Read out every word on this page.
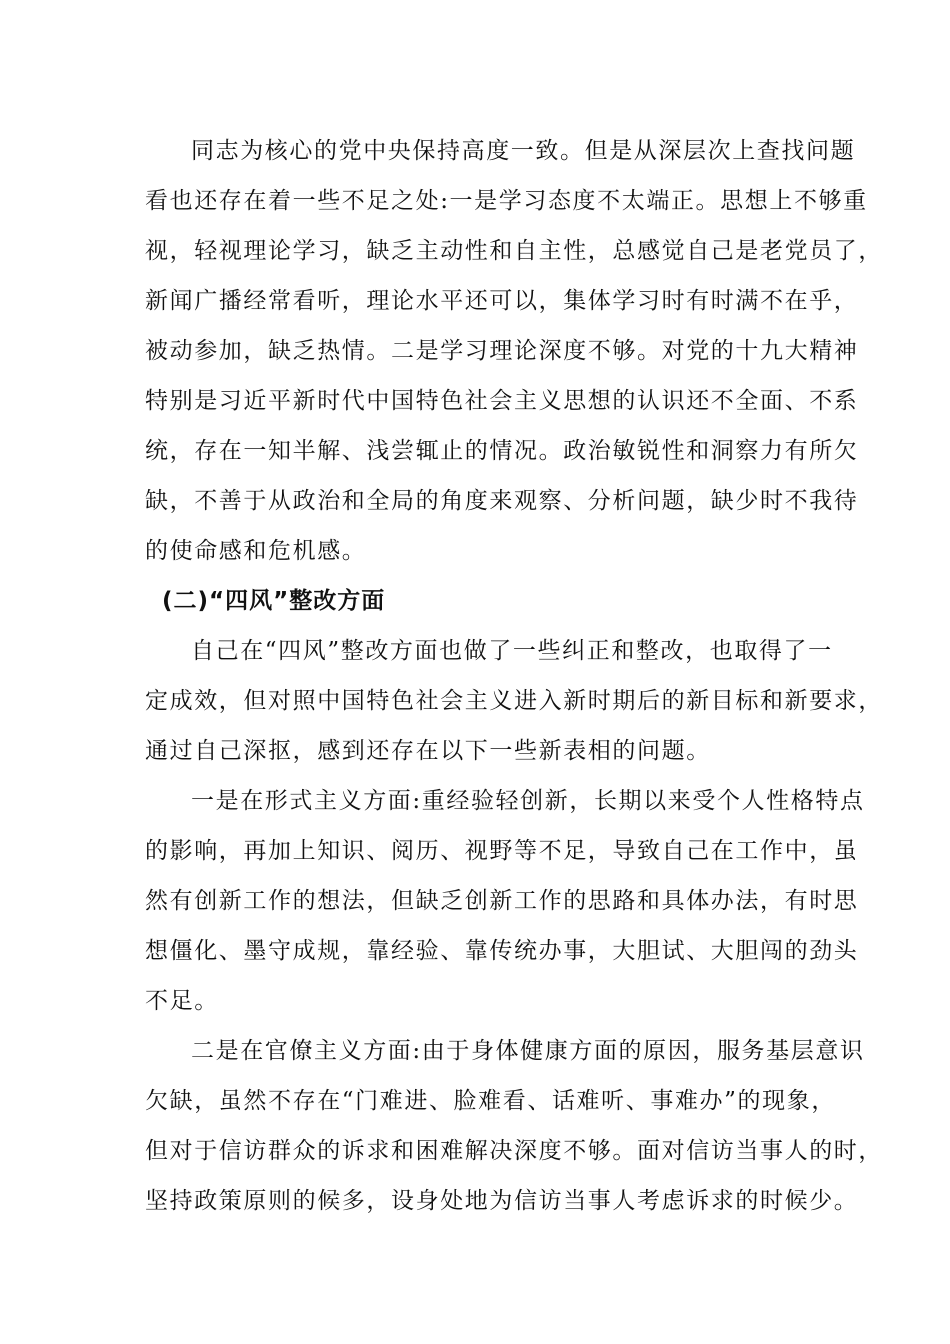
同志为核心的党中央保持高度一致。但是从深层次上查找问题
看也还存在着一些不足之处:一是学习态度不太端正。思想上不够重
视，轻视理论学习，缺乏主动性和自主性，总感觉自己是老党员了，
新闻广播经常看听，理论水平还可以，集体学习时有时满不在乎，
被动参加，缺乏热情。二是学习理论深度不够。对党的十九大精神
特别是习近平新时代中国特色社会主义思想的认识还不全面、不系
统，存在一知半解、浅尝辄止的情况。政治敏锐性和洞察力有所欠
缺，不善于从政治和全局的角度来观察、分析问题，缺少时不我待
的使命感和危机感。
(二)“四风”整改方面
自己在“四风”整改方面也做了一些纠正和整改，也取得了一
定成效，但对照中国特色社会主义进入新时期后的新目标和新要求，
通过自己深抠，感到还存在以下一些新表相的问题。
一是在形式主义方面:重经验轻创新，长期以来受个人性格特点
的影响，再加上知识、阅历、视野等不足，导致自己在工作中，虽
然有创新工作的想法，但缺乏创新工作的思路和具体办法，有时思
想僵化、墨守成规，靠经验、靠传统办事，大胆试、大胆闯的劲头
不足。
二是在官僚主义方面:由于身体健康方面的原因，服务基层意识
欠缺，虽然不存在“门难进、脸难看、话难听、事难办”的现象，
但对于信访群众的诉求和困难解决深度不够。面对信访当事人的时，
坚持政策原则的候多，设身处地为信访当事人考虑诉求的时候少。
